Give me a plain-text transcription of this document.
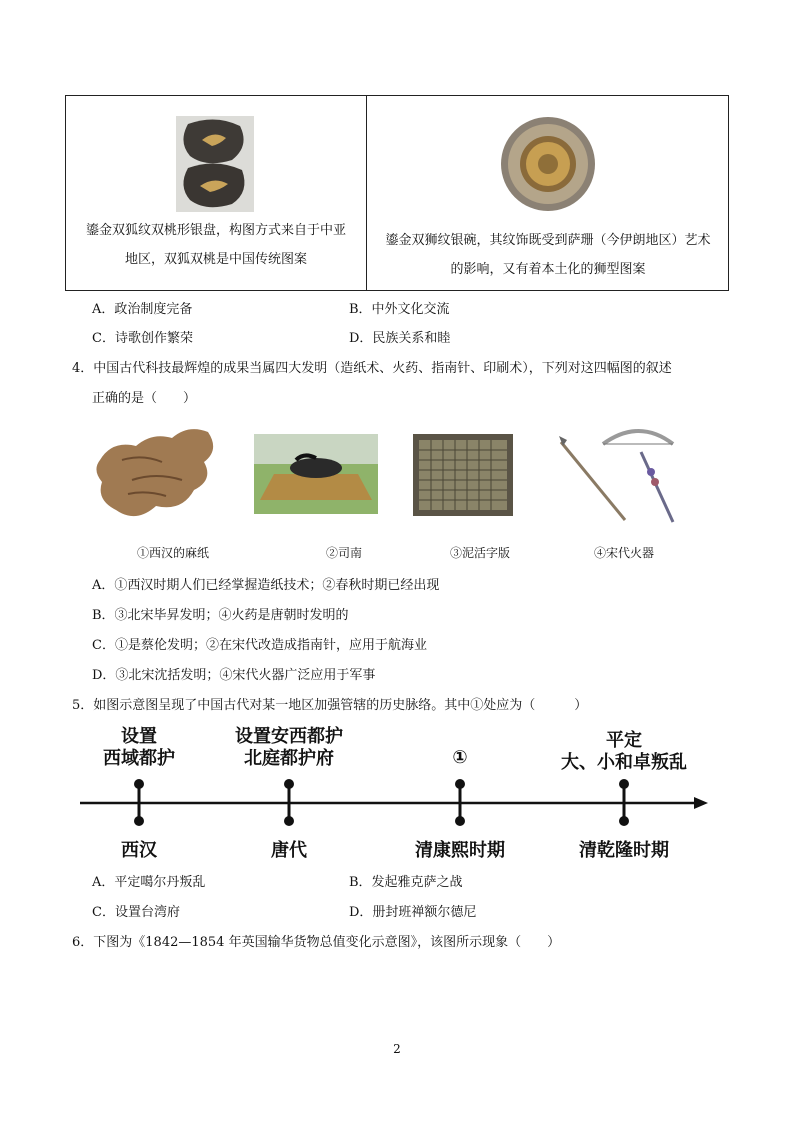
鎏金双狐纹双桃形银盘，构图方式来自于中亚
地区，双狐双桃是中国传统图案
鎏金双狮纹银碗，其纹饰既受到萨珊（今伊朗地区）艺术
的影响，又有着本土化的狮型图案
A．政治制度完备	B．中外文化交流
C．诗歌创作繁荣	D．民族关系和睦
4．中国古代科技最辉煌的成果当属四大发明（造纸术、火药、指南针、印刷术），下列对这四幅图的叙述
正确的是（　　）
①西汉的麻纸	②司南	③泥活字版	④宋代火器
A．①西汉时期人们已经掌握造纸技术；②春秋时期已经出现
B．③北宋毕昇发明；④火药是唐朝时发明的
C．①是蔡伦发明；②在宋代改造成指南针，应用于航海业
D．③北宋沈括发明；④宋代火器广泛应用于军事
5．如图示意图呈现了中国古代对某一地区加强管辖的历史脉络。其中①处应为（　　　）
设置
西域都护
设置安西都护
北庭都护府	①
平定
大、小和卓叛乱
西汉	唐代	清康熙时期	清乾隆时期
A．平定噶尔丹叛乱	B．发起雅克萨之战
C．设置台湾府	D．册封班禅额尔德尼
6．下图为《1842—1854 年英国输华货物总值变化示意图》，该图所示现象（　　）
2
